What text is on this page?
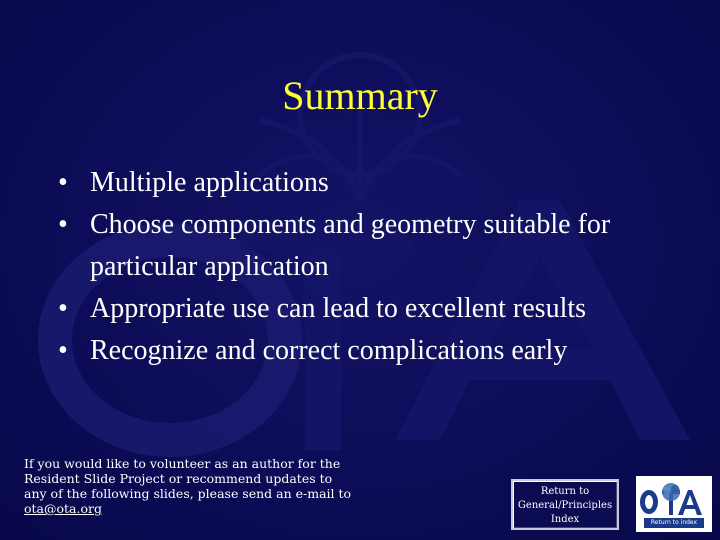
Summary
• Multiple applications
• Choose components and geometry suitable for particular application
• Appropriate use can lead to excellent results
• Recognize and correct complications early
If you would like to volunteer as an author for the Resident Slide Project or recommend updates to any of the following slides, please send an e-mail to ota@ota.org
Return to
General/Principles
Index	Return to index
